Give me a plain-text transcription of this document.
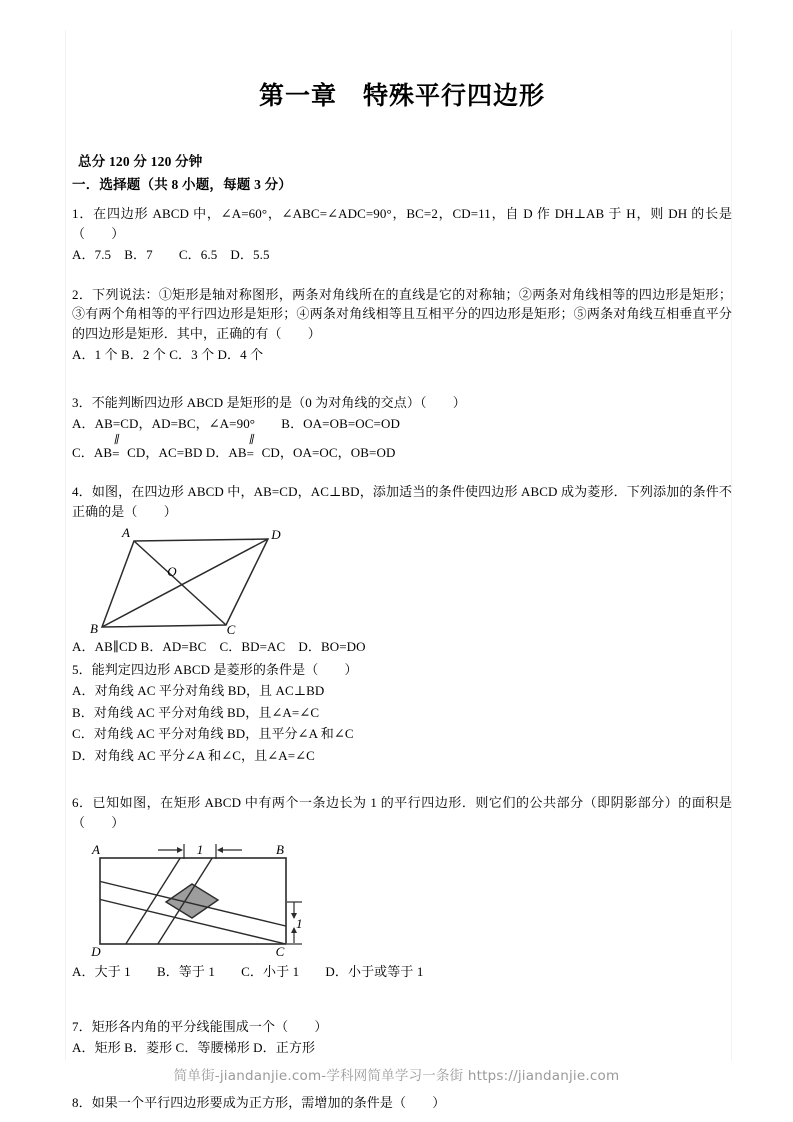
第一章　特殊平行四边形
总分 120 分 120 分钟
一．选择题（共 8 小题，每题 3 分）
1．在四边形 ABCD 中，∠A=60°，∠ABC=∠ADC=90°，BC=2，CD=11，自 D 作 DH⊥AB 于 H，则 DH 的长是（　　）
A．7.5　B．7　　C．6.5　D．5.5
2．下列说法：①矩形是轴对称图形，两条对角线所在的直线是它的对称轴；②两条对角线相等的四边形是矩形；③有两个角相等的平行四边形是矩形；④两条对角线相等且互相平分的四边形是矩形；⑤两条对角线互相垂直平分的四边形是矩形．其中，正确的有（　　）
A．1 个 B．2 个 C．3 个 D．4 个
3．不能判断四边形 ABCD 是矩形的是（0 为对角线的交点）（　　）
A．AB=CD，AD=BC，∠A=90°　　B．OA=OB=OC=OD
C．AB
∥
= CD，AC=BD D．AB
∥
= CD，OA=OC，OB=OD
4．如图，在四边形 ABCD 中，AB=CD，AC⊥BD，添加适当的条件使四边形 ABCD 成为菱形．下列添加的条件不正确的是（　　）
A	D
O
B	C
A．AB∥CD B．AD=BC　C．BD=AC　D．BO=DO
5．能判定四边形 ABCD 是菱形的条件是（　　）
A．对角线 AC 平分对角线 BD，且 AC⊥BD
B．对角线 AC 平分对角线 BD，且∠A=∠C
C．对角线 AC 平分对角线 BD，且平分∠A 和∠C
D．对角线 AC 平分∠A 和∠C，且∠A=∠C
6．已知如图，在矩形 ABCD 中有两个一条边长为 1 的平行四边形．则它们的公共部分（即阴影部分）的面积是（　　）
1
1
A	B
D	C
A．大于 1　　B．等于 1　　C．小于 1　　D．小于或等于 1
7．矩形各内角的平分线能围成一个（　　）
A．矩形 B．菱形 C．等腰梯形 D．正方形
8．如果一个平行四边形要成为正方形，需增加的条件是（　　）
简单街-jiandanjie.com-学科网简单学习一条街 https://jiandanjie.com
